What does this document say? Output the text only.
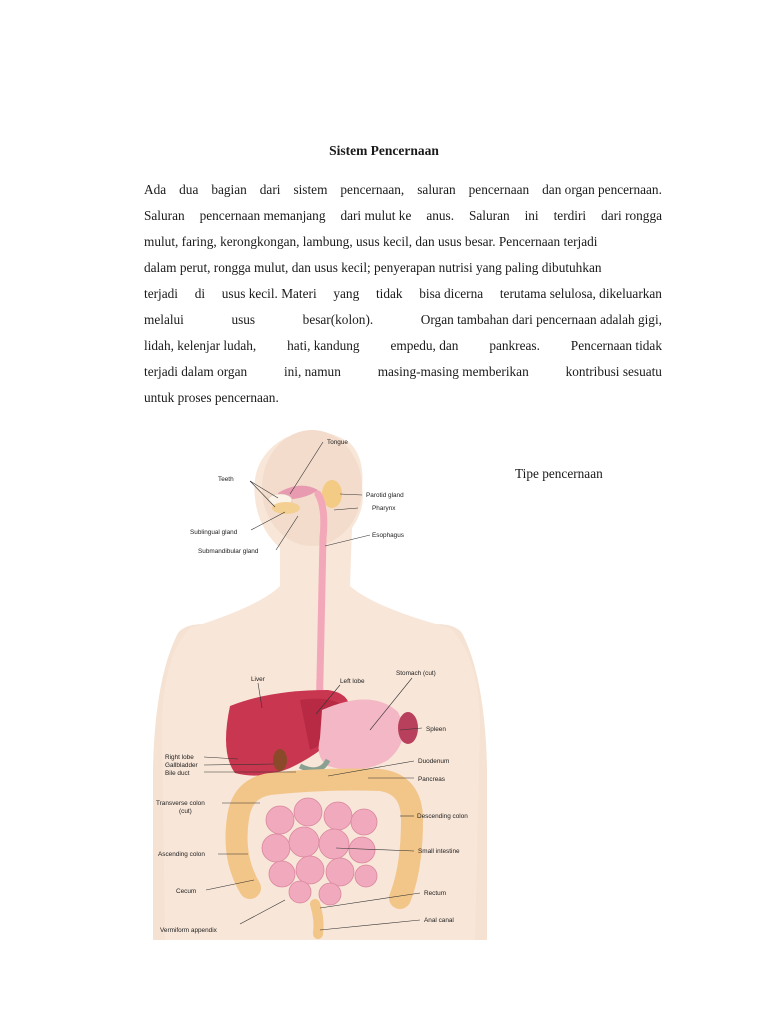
Sistem Pencernaan
Ada dua bagian dari sistem pencernaan, saluran pencernaan dan organ pencernaan.
Saluran pencernaan memanjang dari mulut ke anus. Saluran ini terdiri dari rongga
mulut, faring, kerongkongan, lambung, usus kecil, dan usus besar. Pencernaan terjadi
dalam perut, rongga mulut, dan usus kecil; penyerapan nutrisi yang paling dibutuhkan
terjadi di usus kecil. Materi yang tidak bisa dicerna terutama selulosa, dikeluarkan
melalui	usus	besar(kolon).	Organ tambahan dari pencernaan adalah gigi,
lidah, kelenjar ludah, hati, kandung empedu, dan pankreas. Pencernaan tidak
terjadi dalam organ	ini, namun	masing-masing memberikan	kontribusi sesuatu
untuk proses pencernaan.
Tongue
Teeth
Parotid gland
Pharynx
Sublingual gland
Submandibular gland
Esophagus
Liver	Left lobe
Stomach (cut)
Spleen
Right lobe
Gallbladder
Bile duct
Duodenum
Pancreas
Transverse colon
(cut)
Descending colon
Ascending colon	Small intestine
Cecum	Rectum
Vermiform appendix
Anal canal
Tipe pencernaan
